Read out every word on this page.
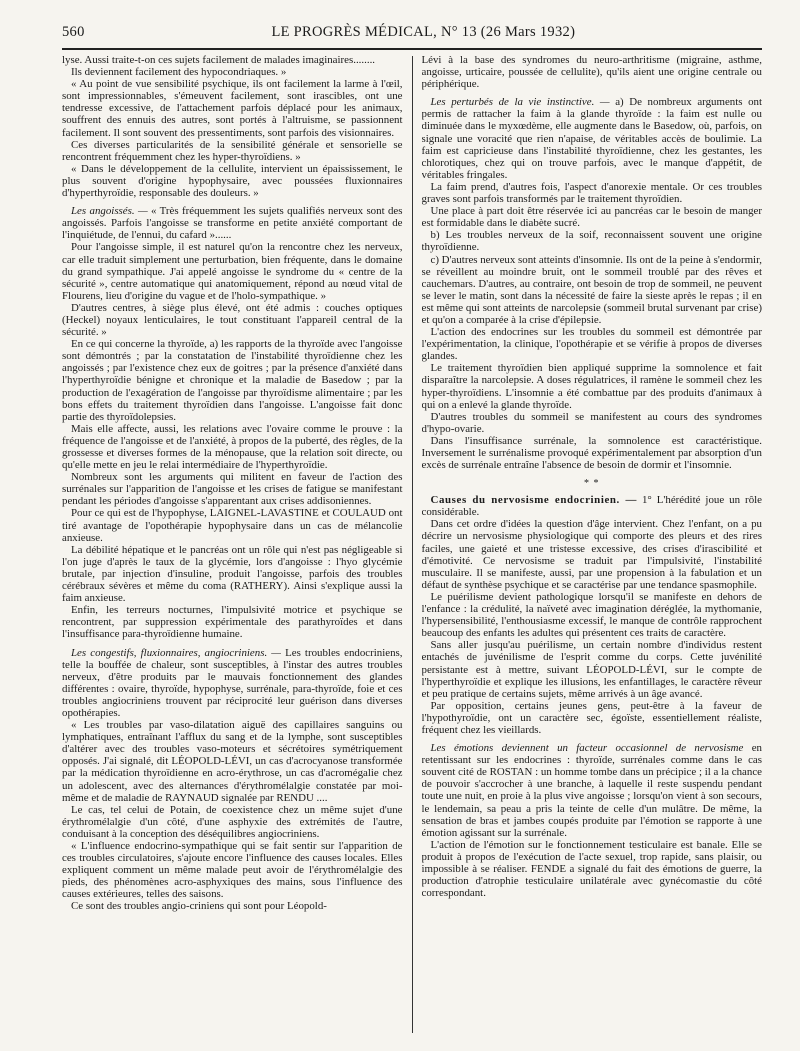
560	LE PROGRÈS MÉDICAL, N° 13 (26 Mars 1932)

lyse. Aussi traite-t-on ces sujets facilement de malades imaginaires........

Ils deviennent facilement des hypocondriaques. »

« Au point de vue sensibilité psychique, ils ont facilement la larme à l'œil, sont impressionnables, s'émeuvent facilement, sont irascibles, ont une tendresse excessive, de l'attachement parfois déplacé pour les animaux, souffrent des ennuis des autres, sont portés à l'altruisme, se passionnent facilement. Il sont souvent des pressentiments, sont parfois des visionnaires.

Ces diverses particularités de la sensibilité générale et sensorielle se rencontrent fréquemment chez les hyper-thyroïdiens. »

« Dans le développement de la cellulite, intervient un épaississement, le plus souvent d'origine hypophysaire, avec poussées fluxionnaires d'hyperthyroïdie, responsable des douleurs. »

Les angoissés. — « Très fréquemment les sujets qualifiés nerveux sont des angoissés. Parfois l'angoisse se transforme en petite anxiété comportant de l'inquiétude, de l'ennui, du cafard »......

Pour l'angoisse simple, il est naturel qu'on la rencontre chez les nerveux, car elle traduit simplement une perturbation, bien fréquente, dans le domaine du grand sympathique. J'ai appelé angoisse le syndrome du « centre de la sécurité », centre automatique qui anatomiquement, répond au nœud vital de Flourens, lieu d'origine du vague et de l'holo-sympathique. »

D'autres centres, à siège plus élevé, ont été admis : couches optiques (Heckel) noyaux lenticulaires, le tout constituant l'appareil central de la sécurité. »

En ce qui concerne la thyroïde, a) les rapports de la thyroïde avec l'angoisse sont démontrés ; par la constatation de l'instabilité thyroïdienne chez les angoissés ; par l'existence chez eux de goitres ; par la présence d'anxiété dans l'hyperthyroïdie bénigne et chronique et la maladie de Basedow ; par la production de l'exagération de l'angoisse par thyroïdisme alimentaire ; par les bons effets du traitement thyroïdien dans l'angoisse. L'angoisse fait donc partie des thyroïdolepsies.

Mais elle affecte, aussi, les relations avec l'ovaire comme le prouve : la fréquence de l'angoisse et de l'anxiété, à propos de la puberté, des règles, de la grossesse et diverses formes de la ménopause, que la relation soit directe, ou qu'elle mette en jeu le relai intermédiaire de l'hyperthyroïdie.

Nombreux sont les arguments qui militent en faveur de l'action des surrénales sur l'apparition de l'angoisse et les crises de fatigue se manifestant pendant les périodes d'angoisse s'apparentant aux crises addisoniennes.

Pour ce qui est de l'hypophyse, LAIGNEL-LAVASTINE et COULAUD ont tiré avantage de l'opothérapie hypophysaire dans un cas de mélancolie anxieuse.

La débilité hépatique et le pancréas ont un rôle qui n'est pas négligeable si l'on juge d'après le taux de la glycémie, lors d'angoisse : l'hyo glycémie brutale, par injection d'insuline, produit l'angoisse, parfois des troubles cérébraux sévères et même du coma (RATHERY). Ainsi s'explique aussi la faim anxieuse.

Enfin, les terreurs nocturnes, l'impulsivité motrice et psychique se rencontrent, par suppression expérimentale des parathyroïdes et dans l'insuffisance para-thyroïdienne humaine.

Les congestifs, fluxionnaires, angiocriniens. — Les troubles endocriniens, telle la bouffée de chaleur, sont susceptibles, à l'instar des autres troubles nerveux, d'être produits par le mauvais fonctionnement des glandes différentes : ovaire, thyroïde, hypophyse, surrénale, para-thyroïde, foie et ces troubles angiocriniens trouvent par réciprocité leur guérison dans diverses opothérapies.

« Les troubles par vaso-dilatation aiguë des capillaires sanguins ou lymphatiques, entraînant l'afflux du sang et de la lymphe, sont susceptibles d'altérer avec des troubles vaso-moteurs et sécrétoires symétriquement opposés. J'ai signalé, dit LÉOPOLD-LÉVI, un cas d'acrocyanose transformée par la médication thyroïdienne en acro-érythrose, un cas d'acromégalie chez un adolescent, avec des alternances d'érythromélalgie constatée par moi-même et de maladie de RAYNAUD signalée par RENDU ....

Le cas, tel celui de Potain, de coexistence chez un même sujet d'une érythromélalgie d'un côté, d'une asphyxie des extrémités de l'autre, conduisant à la conception des déséquilibres angiocriniens.

« L'influence endocrino-sympathique qui se fait sentir sur l'apparition de ces troubles circulatoires, s'ajoute encore l'influence des causes locales. Elles expliquent comment un même malade peut avoir de l'érythromélalgie des pieds, des phénomènes acro-asphyxiques des mains, sous l'influence des causes extérieures, telles des saisons.

Ce sont des troubles angio-criniens qui sont pour Léopold-

Lévi à la base des syndromes du neuro-arthritisme (migraine, asthme, angoisse, urticaire, poussée de cellulite), qu'ils aient une origine centrale ou périphérique.

Les perturbés de la vie instinctive. — a) De nombreux arguments ont permis de rattacher la faim à la glande thyroïde : la faim est nulle ou diminuée dans le myxœdème, elle augmente dans le Basedow, où, parfois, on signale une voracité que rien n'apaise, de véritables accès de boulimie. La faim est capricieuse dans l'instabilité thyroïdienne, chez les gestantes, les chlorotiques, chez qui on trouve parfois, avec le manque d'appétit, de véritables fringales.

La faim prend, d'autres fois, l'aspect d'anorexie mentale. Or ces troubles graves sont parfois transformés par le traitement thyroïdien.

Une place à part doit être réservée ici au pancréas car le besoin de manger est formidable dans le diabète sucré.

b) Les troubles nerveux de la soif, reconnaissent souvent une origine thyroïdienne.

c) D'autres nerveux sont atteints d'insomnie. Ils ont de la peine à s'endormir, se réveillent au moindre bruit, ont le sommeil troublé par des rêves et cauchemars. D'autres, au contraire, ont besoin de trop de sommeil, ne peuvent se lever le matin, sont dans la nécessité de faire la sieste après le repas ; il en est même qui sont atteints de narcolepsie (sommeil brutal survenant par crise) et qu'on a comparée à la crise d'épilepsie.

L'action des endocrines sur les troubles du sommeil est démontrée par l'expérimentation, la clinique, l'opothérapie et se vérifie à propos de diverses glandes.

Le traitement thyroïdien bien appliqué supprime la somnolence et fait disparaître la narcolepsie. A doses régulatrices, il ramène le sommeil chez les hyper-thyroïdiens. L'insomnie a été combattue par des produits d'animaux à qui on a enlevé la glande thyroïde.

D'autres troubles du sommeil se manifestent au cours des syndromes d'hypo-ovarie.

Dans l'insuffisance surrénale, la somnolence est caractéristique. Inversement le surrénalisme provoqué expérimentalement par absorption d'un excès de surrénale entraîne l'absence de besoin de dormir et l'insomnie.

* *

Causes du nervosisme endocrinien. — 1° L'hérédité joue un rôle considérable.

Dans cet ordre d'idées la question d'âge intervient. Chez l'enfant, on a pu décrire un nervosisme physiologique qui comporte des pleurs et des rires faciles, une gaieté et une tristesse excessive, des crises d'irascibilité et d'émotivité. Ce nervosisme se traduit par l'impulsivité, l'instabilité musculaire. Il se manifeste, aussi, par une propension à la fabulation et un défaut de synthèse psychique et se caractérise par une tendance spasmophile.

Le puérilisme devient pathologique lorsqu'il se manifeste en dehors de l'enfance : la crédulité, la naïveté avec imagination déréglée, la mythomanie, l'hypersensibilité, l'enthousiasme excessif, le manque de contrôle rapprochent beaucoup des enfants les adultes qui présentent ces traits de caractère.

Sans aller jusqu'au puérilisme, un certain nombre d'individus restent entachés de juvénilisme de l'esprit comme du corps. Cette juvénilité persistante est à mettre, suivant LÉOPOLD-LÉVI, sur le compte de l'hyperthyroïdie et explique les illusions, les enfantillages, le caractère rêveur et peu pratique de certains sujets, même arrivés à un âge avancé.

Par opposition, certains jeunes gens, peut-être à la faveur de l'hypothyroïdie, ont un caractère sec, égoïste, essentiellement réaliste, fréquent chez les vieillards.

Les émotions deviennent un facteur occasionnel de nervosisme en retentissant sur les endocrines : thyroïde, surrénales comme dans le cas souvent cité de ROSTAN : un homme tombe dans un précipice ; il a la chance de pouvoir s'accrocher à une branche, à laquelle il reste suspendu pendant toute une nuit, en proie à la plus vive angoisse ; lorsqu'on vient à son secours, le lendemain, sa peau a pris la teinte de celle d'un mulâtre. De même, la sensation de bras et jambes coupés produite par l'émotion se rapporte à une émotion agissant sur la surrénale.

L'action de l'émotion sur le fonctionnement testiculaire est banale. Elle se produit à propos de l'exécution de l'acte sexuel, trop rapide, sans plaisir, ou impossible à se réaliser. FENDE a signalé du fait des émotions de guerre, la production d'atrophie testiculaire unilatérale avec gynécomastie du côté correspondant.
